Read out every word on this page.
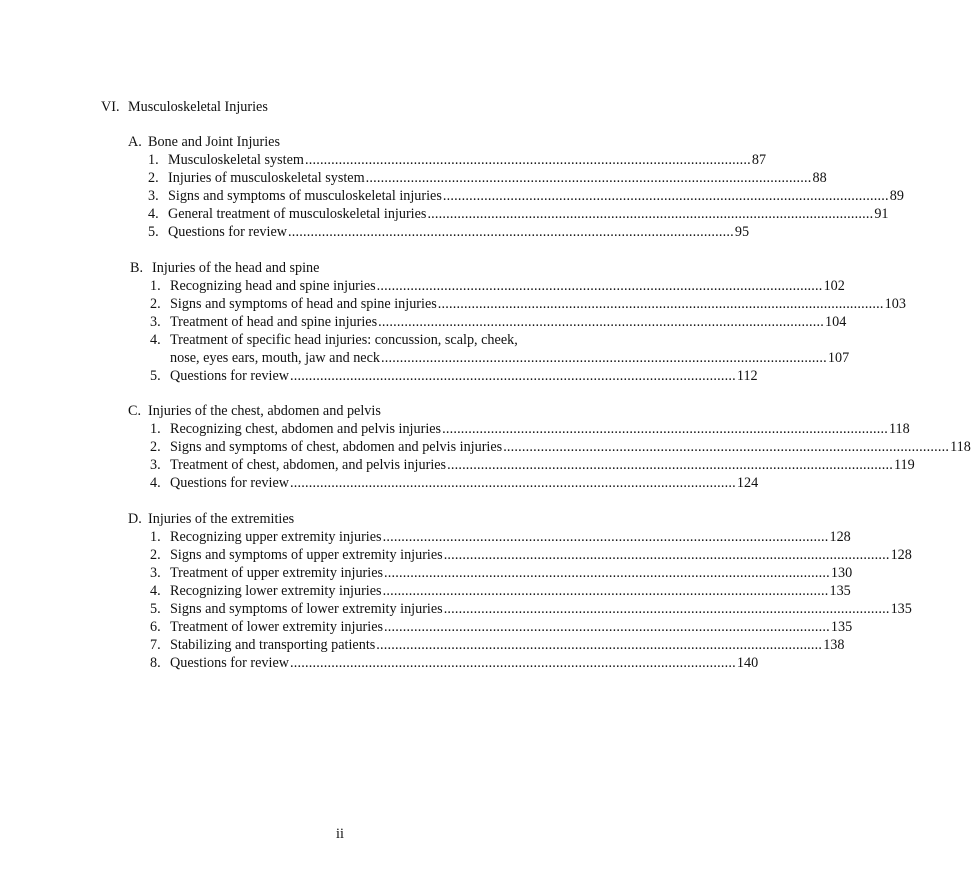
VI. Musculoskeletal Injuries
A. Bone and Joint Injuries
1. Musculoskeletal system ....................................................................................................................... 87
2. Injuries of musculoskeletal system ....................................................................................................................... 88
3. Signs and symptoms of musculoskeletal injuries ....................................................................................................................... 89
4. General treatment of musculoskeletal injuries ....................................................................................................................... 91
5. Questions for review ....................................................................................................................... 95
B. Injuries of the head and spine
1. Recognizing head and spine injuries ....................................................................................................................... 102
2. Signs and symptoms of head and spine injuries ....................................................................................................................... 103
3. Treatment of head and spine injuries ....................................................................................................................... 104
4. Treatment of specific head injuries: concussion, scalp, cheek,
nose, eyes ears, mouth, jaw and neck ....................................................................................................................... 107
5. Questions for review ....................................................................................................................... 112
C. Injuries of the chest, abdomen and pelvis
1. Recognizing chest, abdomen and pelvis injuries ....................................................................................................................... 118
2. Signs and symptoms of chest, abdomen and pelvis injuries ....................................................................................................................... 118
3. Treatment of chest, abdomen, and pelvis injuries ....................................................................................................................... 119
4. Questions for review ....................................................................................................................... 124
D. Injuries of the extremities
1. Recognizing upper extremity injuries ....................................................................................................................... 128
2. Signs and symptoms of upper extremity injuries ....................................................................................................................... 128
3. Treatment of upper extremity injuries ....................................................................................................................... 130
4. Recognizing lower extremity injuries ....................................................................................................................... 135
5. Signs and symptoms of lower extremity injuries ....................................................................................................................... 135
6. Treatment of lower extremity injuries ....................................................................................................................... 135
7. Stabilizing and transporting patients ....................................................................................................................... 138
8. Questions for review ....................................................................................................................... 140
ii
